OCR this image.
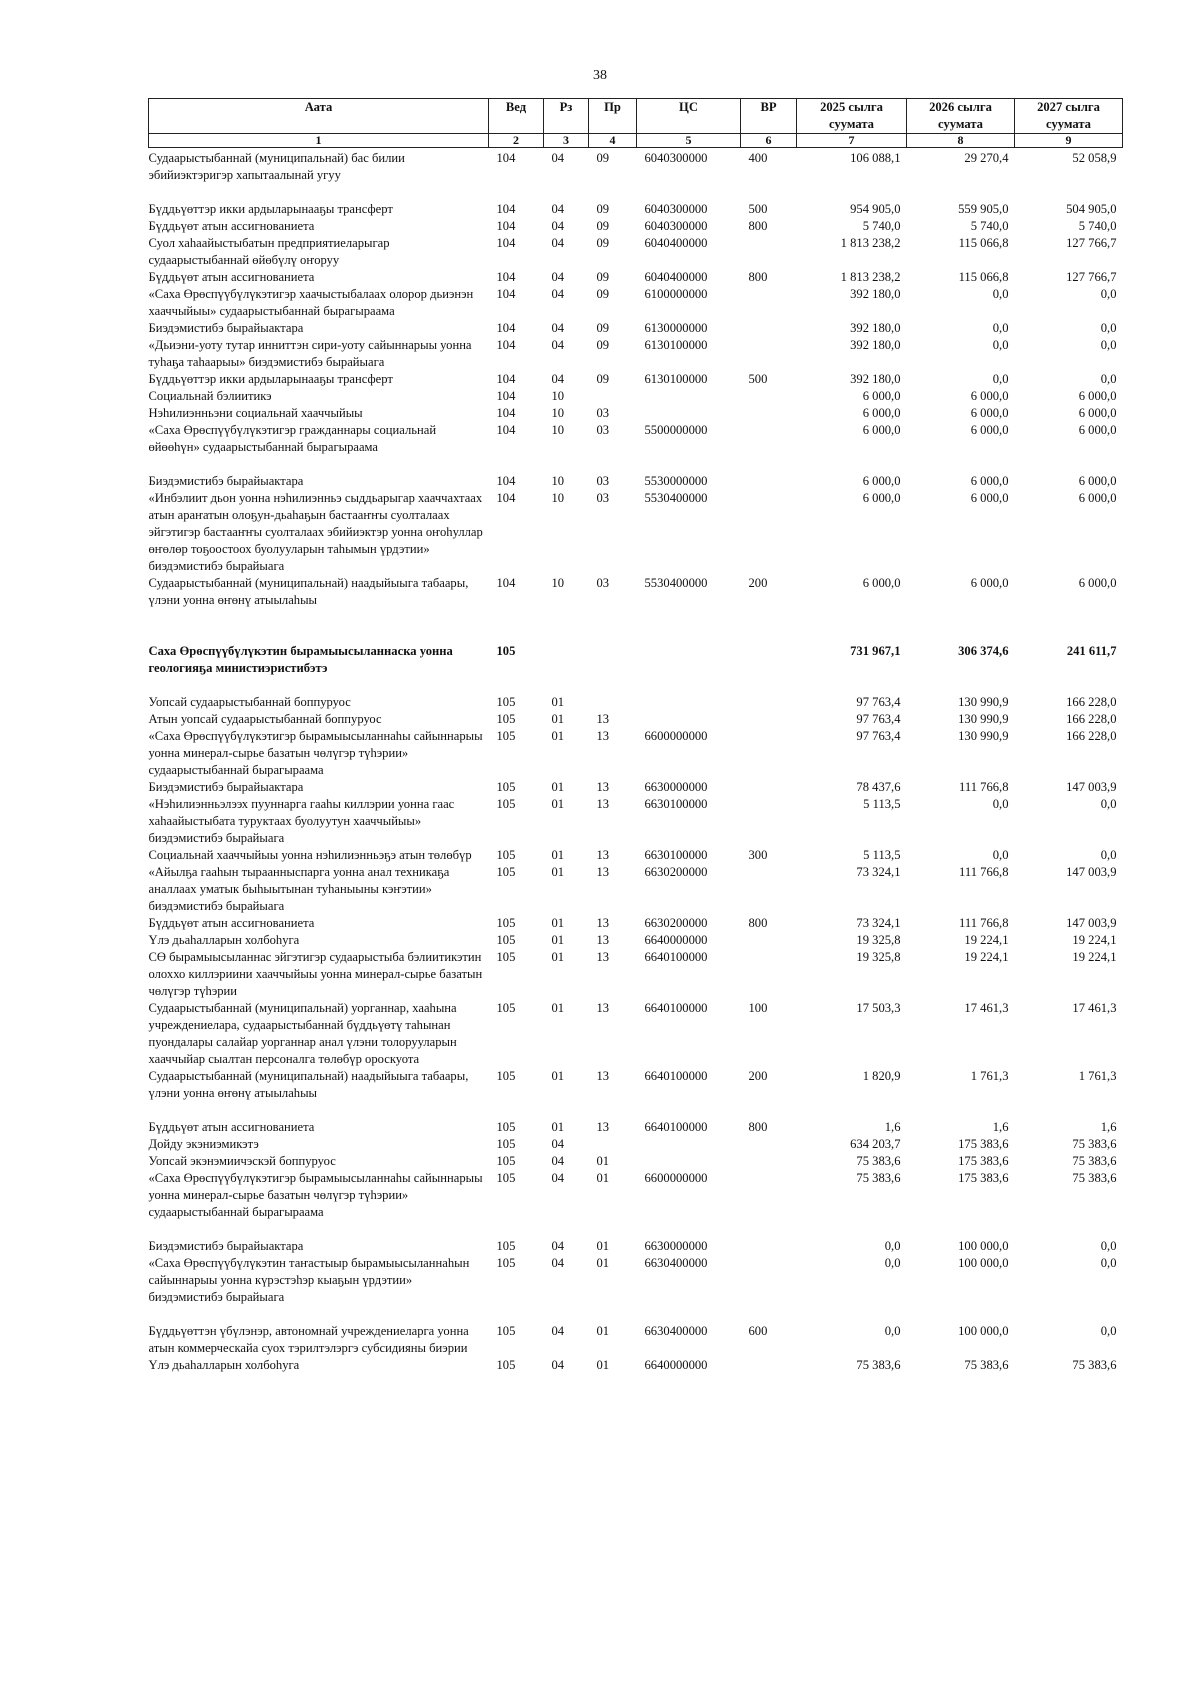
38
Аата	Вед	Рз	Пр	ЦС	ВР	2025 сылга суумата	2026 сылга суумата	2027 сылга суумата
1	2	3	4	5	6	7	8	9
Судаарыстыбаннай (муниципальнай) бас билии эбийиэктэригэр хапытаалынай угуу	104	04	09	6040300000	400	106 088,1	29 270,4	52 058,9
Бүддьүөттэр икки ардыларынааҕы трансферт	104	04	09	6040300000	500	954 905,0	559 905,0	504 905,0
Бүддьүөт атын ассигнованиета	104	04	09	6040300000	800	5 740,0	5 740,0	5 740,0
Суол хаһаайыстыбатын предприятиеларыгар судаарыстыбаннай өйөбүлү оҥоруу	104	04	09	6040400000		1 813 238,2	115 066,8	127 766,7
Бүддьүөт атын ассигнованиета	104	04	09	6040400000	800	1 813 238,2	115 066,8	127 766,7
«Саха Өрөспүүбүлүкэтигэр хаачыстыбалаах олорор дьиэнэн хааччыйыы» судаарыстыбаннай бырагыраама	104	04	09	6100000000		392 180,0	0,0	0,0
Биэдэмистибэ бырайыактара	104	04	09	6130000000		392 180,0	0,0	0,0
«Дьиэни-уоту тутар инниттэн сири-уоту сайыннарыы уонна туһаҕа таһаарыы» биэдэмистибэ бырайыага	104	04	09	6130100000		392 180,0	0,0	0,0
Бүддьүөттэр икки ардыларынааҕы трансферт	104	04	09	6130100000	500	392 180,0	0,0	0,0
Социальнай бэлиитикэ	104	10				6 000,0	6 000,0	6 000,0
Нэһилиэнньэни социальнай хааччыйыы	104	10	03			6 000,0	6 000,0	6 000,0
«Саха Өрөспүүбүлүкэтигэр гражданнары социальнай өйөөһүн» судаарыстыбаннай бырагыраама	104	10	03	5500000000		6 000,0	6 000,0	6 000,0
Биэдэмистибэ бырайыактара	104	10	03	5530000000		6 000,0	6 000,0	6 000,0
«Инбэлиит дьон уонна нэһилиэнньэ сыддьарыгар хааччахтаах атын араҥатын олоҕун-дьаһаҕын бастааҥҥы суолталаах эйгэтигэр бастааҥҥы суолталаах эбийиэктэр уонна оҥоһуллар өҥөлөр тоҕоостоох буолууларын таһымын үрдэтии» биэдэмистибэ бырайыага	104	10	03	5530400000		6 000,0	6 000,0	6 000,0
Судаарыстыбаннай (муниципальнай) наадыйыыга табаары, үлэни уонна өҥөнү атыылаһыы	104	10	03	5530400000	200	6 000,0	6 000,0	6 000,0
Саха Өрөспүүбүлүкэтин бырамыысыланнаска уонна геологияҕа министиэристибэтэ	105					731 967,1	306 374,6	241 611,7
Уопсай судаарыстыбаннай боппуруос	105	01				97 763,4	130 990,9	166 228,0
Атын уопсай судаарыстыбаннай боппуруос	105	01	13			97 763,4	130 990,9	166 228,0
«Саха Өрөспүүбүлүкэтигэр бырамыысыланнаһы сайыннарыы уонна минерал-сырье базатын чөлүгэр түһэрии» судаарыстыбаннай бырагыраама	105	01	13	6600000000		97 763,4	130 990,9	166 228,0
Биэдэмистибэ бырайыактара	105	01	13	6630000000		78 437,6	111 766,8	147 003,9
«Нэһилиэнньэлээх пууннарга гааһы киллэрии уонна гаас хаһаайыстыбата туруктаах буолуутун хааччыйыы» биэдэмистибэ бырайыага	105	01	13	6630100000		5 113,5	0,0	0,0
Социальнай хааччыйыы уонна нэһилиэнньэҕэ атын төлөбүр	105	01	13	6630100000	300	5 113,5	0,0	0,0
«Айылҕа гааһын тыраанныспарга уонна анал техникаҕа аналлаах уматык быһыытынан туһаныыны кэҥэтии» биэдэмистибэ бырайыага	105	01	13	6630200000		73 324,1	111 766,8	147 003,9
Бүддьүөт атын ассигнованиета	105	01	13	6630200000	800	73 324,1	111 766,8	147 003,9
Үлэ дьаһалларын холбоһуга	105	01	13	6640000000		19 325,8	19 224,1	19 224,1
СӨ бырамыысыланнас эйгэтигэр судаарыстыба бэлиитикэтин олоххо киллэриини хааччыйыы уонна минерал-сырье базатын чөлүгэр түһэрии	105	01	13	6640100000		19 325,8	19 224,1	19 224,1
Судаарыстыбаннай (муниципальнай) уорганнар, хааһына учреждениелара, судаарыстыбаннай бүддьүөтү таһынан пуондалары салайар уорганнар анал үлэни толорууларын хааччыйар сыалтан персоналга төлөбүр ороскуота	105	01	13	6640100000	100	17 503,3	17 461,3	17 461,3
Судаарыстыбаннай (муниципальнай) наадыйыыга табаары, үлэни уонна өҥөнү атыылаһыы	105	01	13	6640100000	200	1 820,9	1 761,3	1 761,3
Бүддьүөт атын ассигнованиета	105	01	13	6640100000	800	1,6	1,6	1,6
Дойду экэниэмикэтэ	105	04				634 203,7	175 383,6	75 383,6
Уопсай экэнэмиичэскэй боппуруос	105	04	01			75 383,6	175 383,6	75 383,6
«Саха Өрөспүүбүлүкэтигэр бырамыысыланнаһы сайыннарыы уонна минерал-сырье базатын чөлүгэр түһэрии» судаарыстыбаннай бырагыраама	105	04	01	6600000000		75 383,6	175 383,6	75 383,6
Биэдэмистибэ бырайыактара	105	04	01	6630000000		0,0	100 000,0	0,0
«Саха Өрөспүүбүлүкэтин таҥастыыр бырамыысыланнаһын сайыннарыы уонна күрэстэһэр кыаҕын үрдэтии» биэдэмистибэ бырайыага	105	04	01	6630400000		0,0	100 000,0	0,0
Бүддьүөттэн үбүлэнэр, автономнай учреждениеларга уонна атын коммерческайа суох тэрилтэлэргэ субсидияны биэрии	105	04	01	6630400000	600	0,0	100 000,0	0,0
Үлэ дьаһалларын холбоһуга	105	04	01	6640000000		75 383,6	75 383,6	75 383,6
